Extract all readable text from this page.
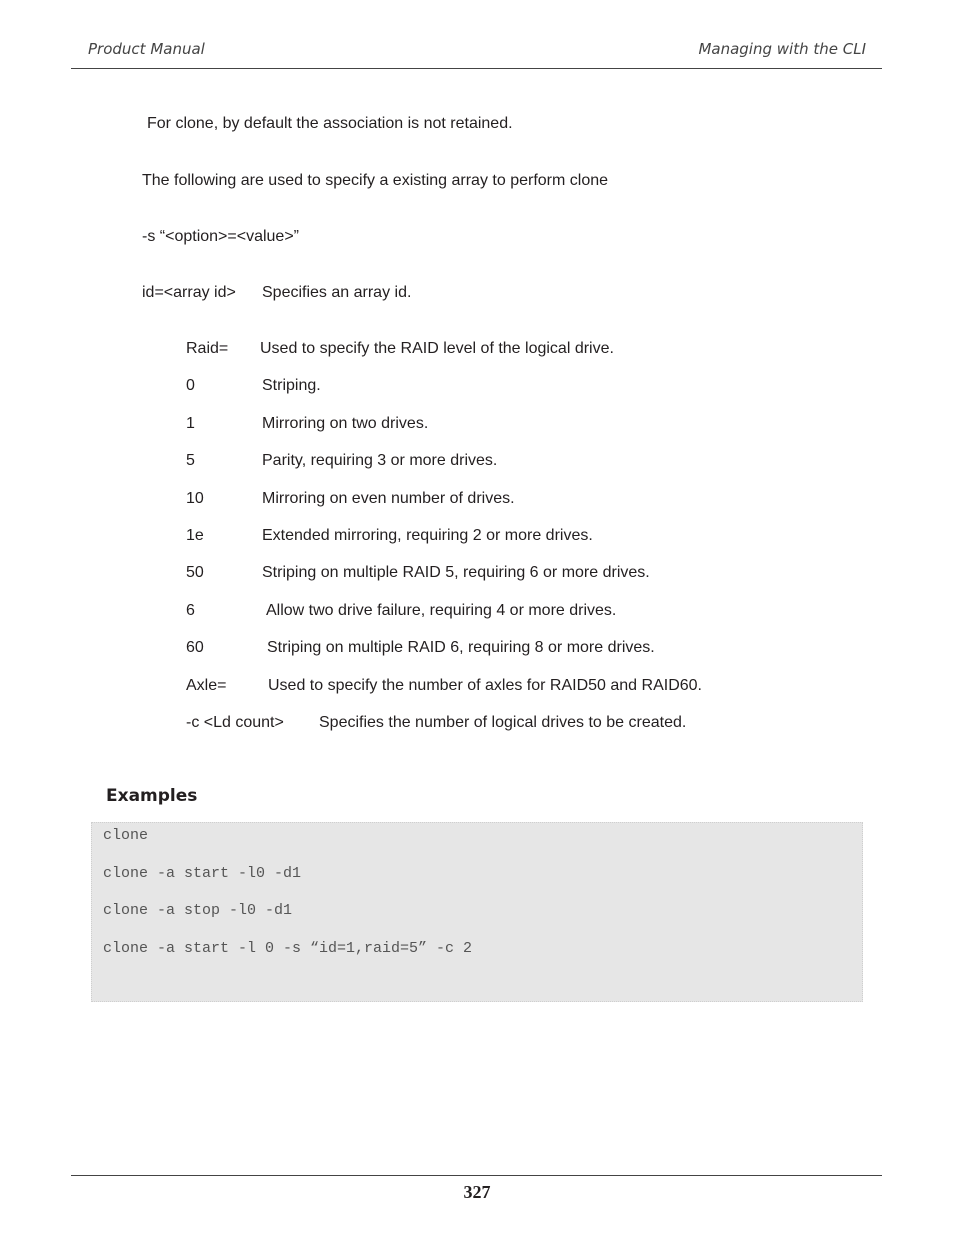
Product Manual	Managing with the CLI
For clone, by default the association is not retained.
The following are used to specify a existing array to perform clone
-s “<option>=<value>”
id=<array id> Specifies an array id.
Raid= Used to specify the RAID level of the logical drive.
0	Striping.
1	Mirroring on two drives.
5	Parity, requiring 3 or more drives.
10	Mirroring on even number of drives.
1e	Extended mirroring, requiring 2 or more drives.
50	Striping on multiple RAID 5, requiring 6 or more drives.
6	Allow two drive failure, requiring 4 or more drives.
60	Striping on multiple RAID 6, requiring 8 or more drives.
Axle=	Used to specify the number of axles for RAID50 and RAID60.
-c <Ld count> Specifies the number of logical drives to be created.
Examples
clone
clone -a start -l0 -d1
clone -a stop -l0 -d1
clone -a start -l 0 -s “id=1,raid=5” -c 2
327
